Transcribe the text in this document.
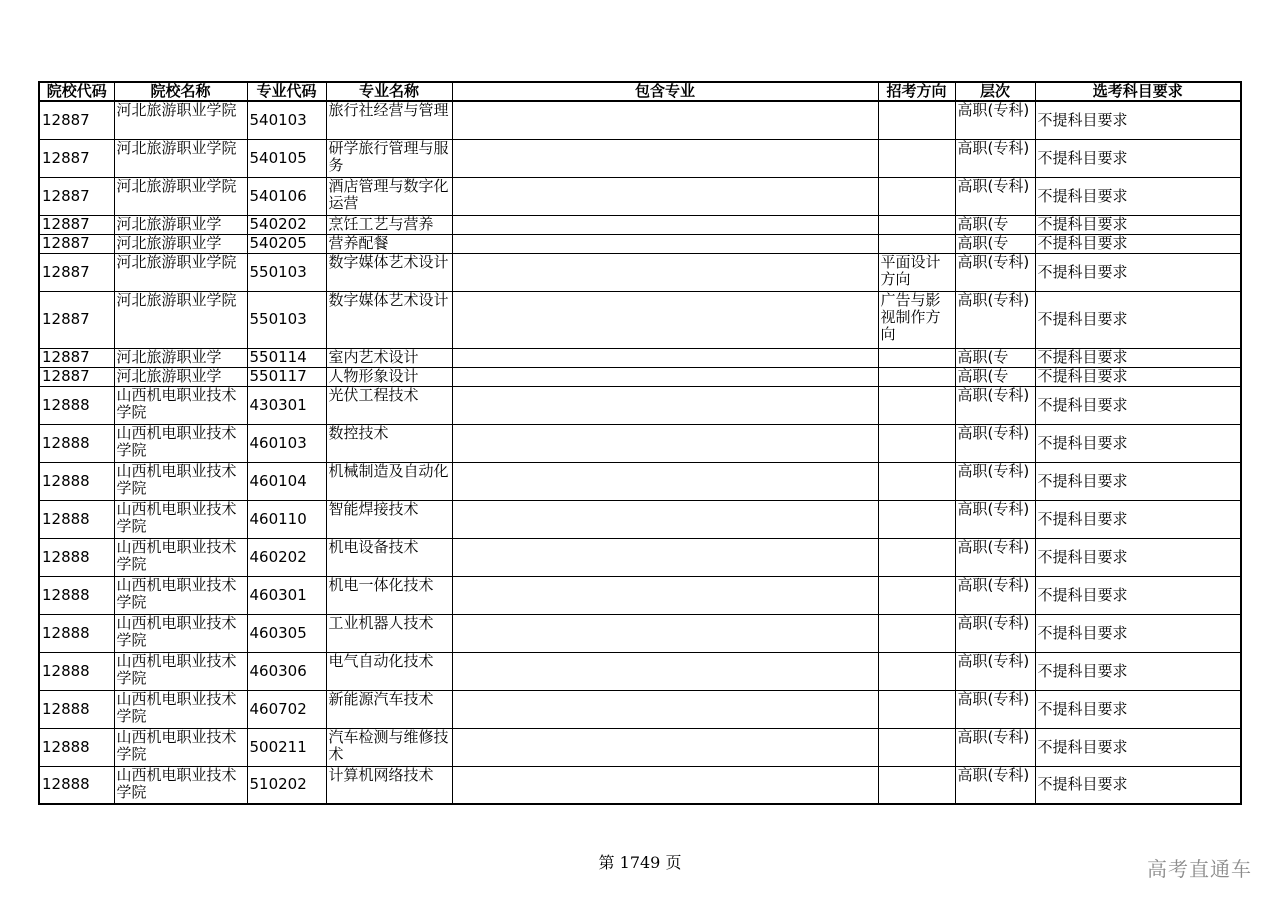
院校代码	院校名称	专业代码	专业名称	包含专业	招考方向	层次	选考科目要求

12887	河北旅游职业学院	540103	旅行社经营与管理			高职(专科)	不提科目要求

12887	河北旅游职业学院	540105	研学旅行管理与服务			高职(专科)	不提科目要求

12887	河北旅游职业学院	540106	酒店管理与数字化运营			高职(专科)	不提科目要求

12887	河北旅游职业学	540202	烹饪工艺与营养			高职(专	不提科目要求

12887	河北旅游职业学	540205	营养配餐			高职(专	不提科目要求

12887	河北旅游职业学院	550103	数字媒体艺术设计		平面设计方向	高职(专科)	不提科目要求

12887	河北旅游职业学院	550103	数字媒体艺术设计		广告与影视制作方向	高职(专科)	不提科目要求

12887	河北旅游职业学	550114	室内艺术设计			高职(专	不提科目要求

12887	河北旅游职业学	550117	人物形象设计			高职(专	不提科目要求

12888	山西机电职业技术学院	430301	光伏工程技术			高职(专科)	不提科目要求

12888	山西机电职业技术学院	460103	数控技术			高职(专科)	不提科目要求

12888	山西机电职业技术学院	460104	机械制造及自动化			高职(专科)	不提科目要求

12888	山西机电职业技术学院	460110	智能焊接技术			高职(专科)	不提科目要求

12888	山西机电职业技术学院	460202	机电设备技术			高职(专科)	不提科目要求

12888	山西机电职业技术学院	460301	机电一体化技术			高职(专科)	不提科目要求

12888	山西机电职业技术学院	460305	工业机器人技术			高职(专科)	不提科目要求

12888	山西机电职业技术学院	460306	电气自动化技术			高职(专科)	不提科目要求

12888	山西机电职业技术学院	460702	新能源汽车技术			高职(专科)	不提科目要求

12888	山西机电职业技术学院	500211	汽车检测与维修技术			高职(专科)	不提科目要求

12888	山西机电职业技术学院	510202	计算机网络技术			高职(专科)	不提科目要求
第 1749 页	高考直通车
